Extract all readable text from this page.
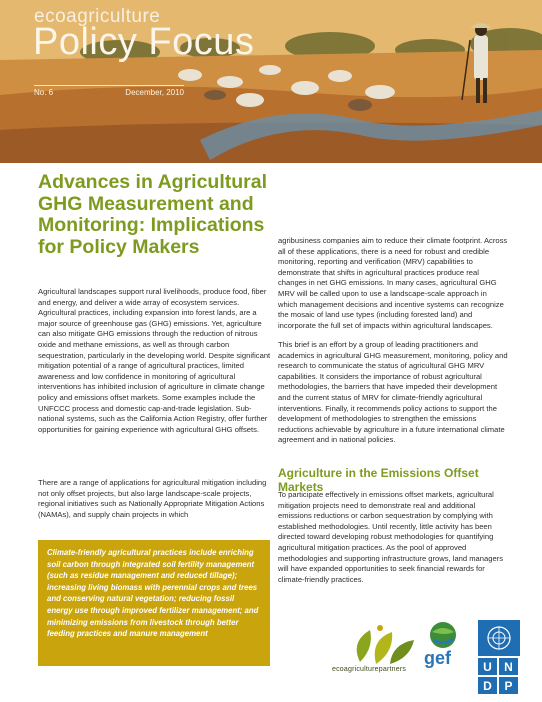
ecoagriculture
Policy Focus
No. 6	December, 2010
Advances in Agricultural GHG Measurement and Monitoring: Implications for Policy Makers

Agricultural landscapes support rural livelihoods, produce food, fiber and energy, and deliver a wide array of ecosystem services. Agricultural practices, including expansion into forest lands, are a major source of greenhouse gas (GHG) emissions. Yet, agriculture can also mitigate GHG emissions through the reduction of nitrous oxide and methane emissions, as well as through carbon sequestration, particularly in the developing world. Despite significant mitigation potential of a range of agricultural practices, limited awareness and low confidence in monitoring of agricultural interventions has inhibited inclusion of agriculture in climate change policy and emissions offset markets. Some examples include the UNFCCC process and domestic cap-and-trade legislation. Sub-national systems, such as the California Action Registry, offer further opportunities for gaining experience with agricultural GHG offsets.

There are a range of applications for agricultural mitigation including not only offset projects, but also large landscape-scale projects, regional initiatives such as Nationally Appropriate Mitigation Actions (NAMAs), and supply chain projects in which

Climate-friendly agricultural practices include enriching soil carbon through integrated soil fertility management (such as residue management and reduced tillage); increasing living biomass with perennial crops and trees and conserving natural vegetation; reducing fossil energy use through improved fertilizer management; and minimizing emissions from livestock through better feeding practices and manure management

agribusiness companies aim to reduce their climate footprint. Across all of these applications, there is a need for robust and credible monitoring, reporting and verification (MRV) capabilities to demonstrate that shifts in agricultural practices produce real changes in net GHG emissions. In many cases, agricultural GHG MRV will be called upon to use a landscape-scale approach in which management decisions and incentive systems can recognize the mosaic of land use types (including forested land) and incorporate the full set of impacts within agricultural landscapes.

This brief is an effort by a group of leading practitioners and academics in agricultural GHG measurement, monitoring, policy and research to communicate the status of agricultural GHG MRV capabilities. It considers the importance of robust agricultural methodologies, the barriers that have impeded their development and the current status of MRV for climate-friendly agricultural interventions. Finally, it recommends policy actions to support the development of methodologies to strengthen the emissions reductions achievable by agriculture in a future international climate agreement and in national policies.

Agriculture in the Emissions Offset Markets

To participate effectively in emissions offset markets, agricultural mitigation projects need to demonstrate real and additional emissions reductions or carbon sequestration by complying with established methodologies. Until recently, little activity has been directed toward developing robust methodologies for quantifying agricultural mitigation practices. As the pool of approved methodologies and supporting infrastructure grows, land managers will have expanded opportunities to seek financial rewards for climate-friendly practices.

ecoagriculturepartners
gef	U	N
D	P
